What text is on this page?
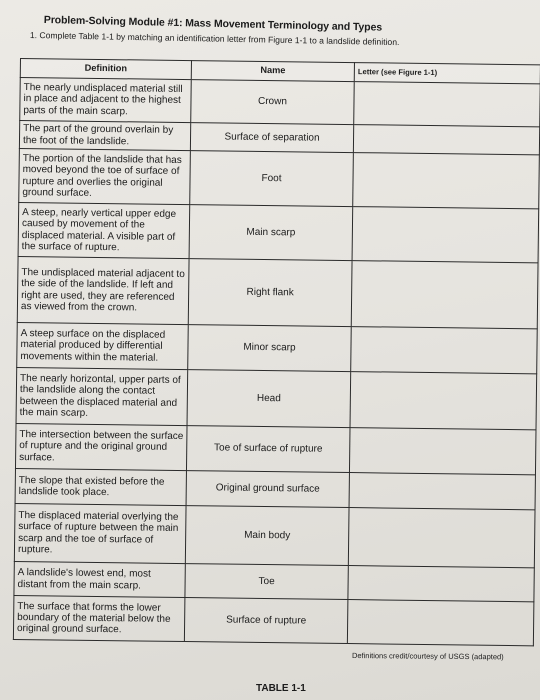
Problem-Solving Module #1: Mass Movement Terminology and Types
1. Complete Table 1-1 by matching an identification letter from Figure 1-1 to a landslide definition.
Definition	Name	Letter (see Figure 1-1)
The nearly undisplaced material still in place and adjacent to the highest parts of the main scarp.	Crown	
The part of the ground overlain by the foot of the landslide.	Surface of separation	
The portion of the landslide that has moved beyond the toe of surface of rupture and overlies the original ground surface.	Foot	
A steep, nearly vertical upper edge caused by movement of the displaced material. A visible part of the surface of rupture.	Main scarp	
The undisplaced material adjacent to the side of the landslide. If left and right are used, they are referenced as viewed from the crown.	Right flank	
A steep surface on the displaced material produced by differential movements within the material.	Minor scarp	
The nearly horizontal, upper parts of the landslide along the contact between the displaced material and the main scarp.	Head	
The intersection between the surface of rupture and the original ground surface.	Toe of surface of rupture	
The slope that existed before the landslide took place.	Original ground surface	
The displaced material overlying the surface of rupture between the main scarp and the toe of surface of rupture.	Main body	
A landslide's lowest end, most distant from the main scarp.	Toe	
The surface that forms the lower boundary of the material below the original ground surface.	Surface of rupture	
Definitions credit/courtesy of USGS (adapted)
TABLE 1-1
